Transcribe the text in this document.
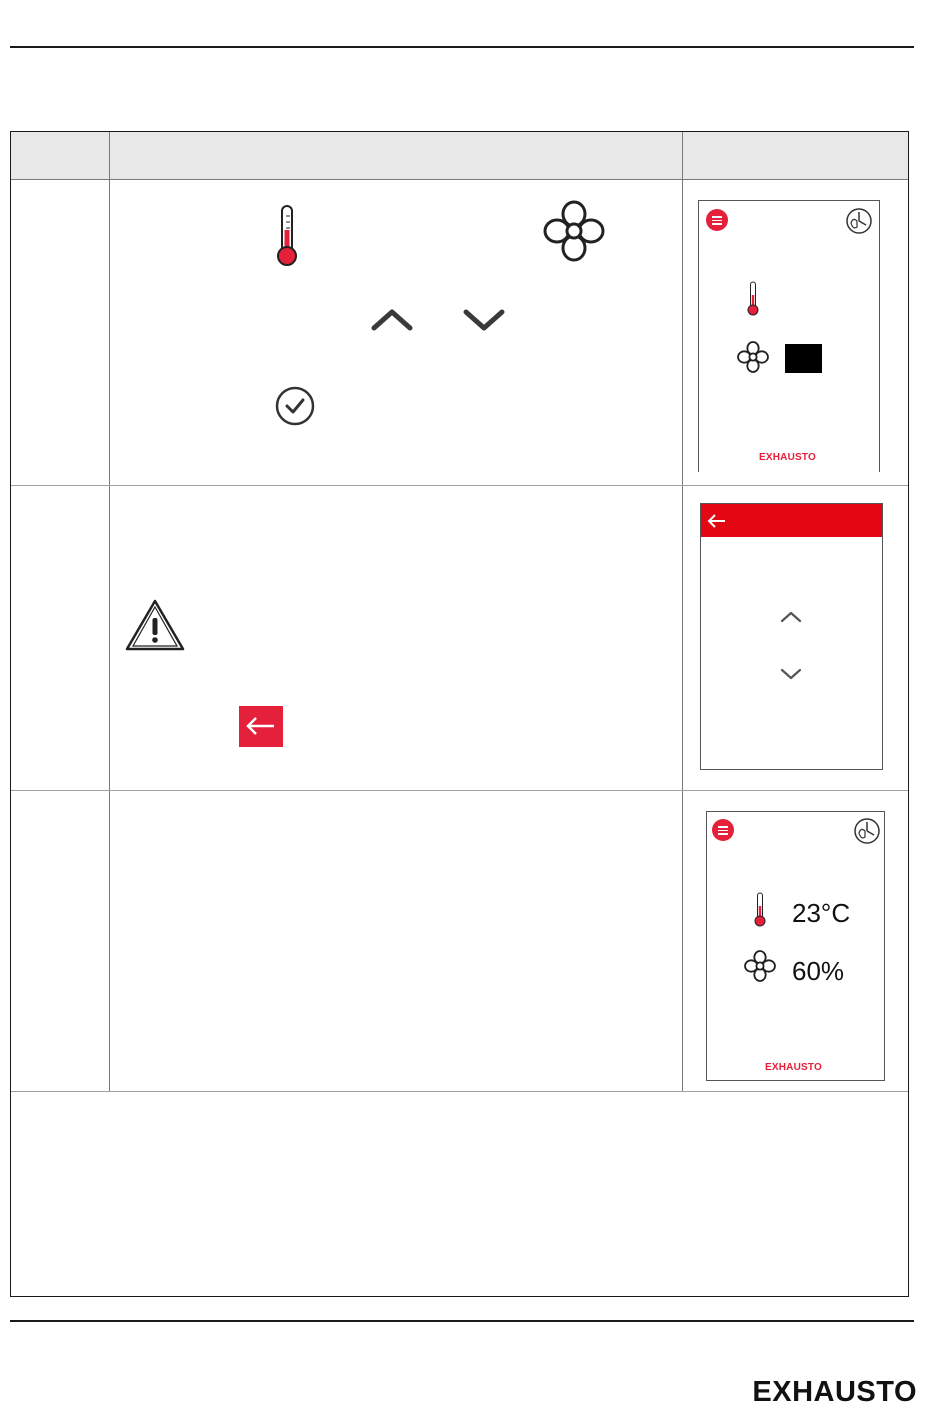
EXHAUSTO
23°C
60%
EXHAUSTO
EXHAUSTO
